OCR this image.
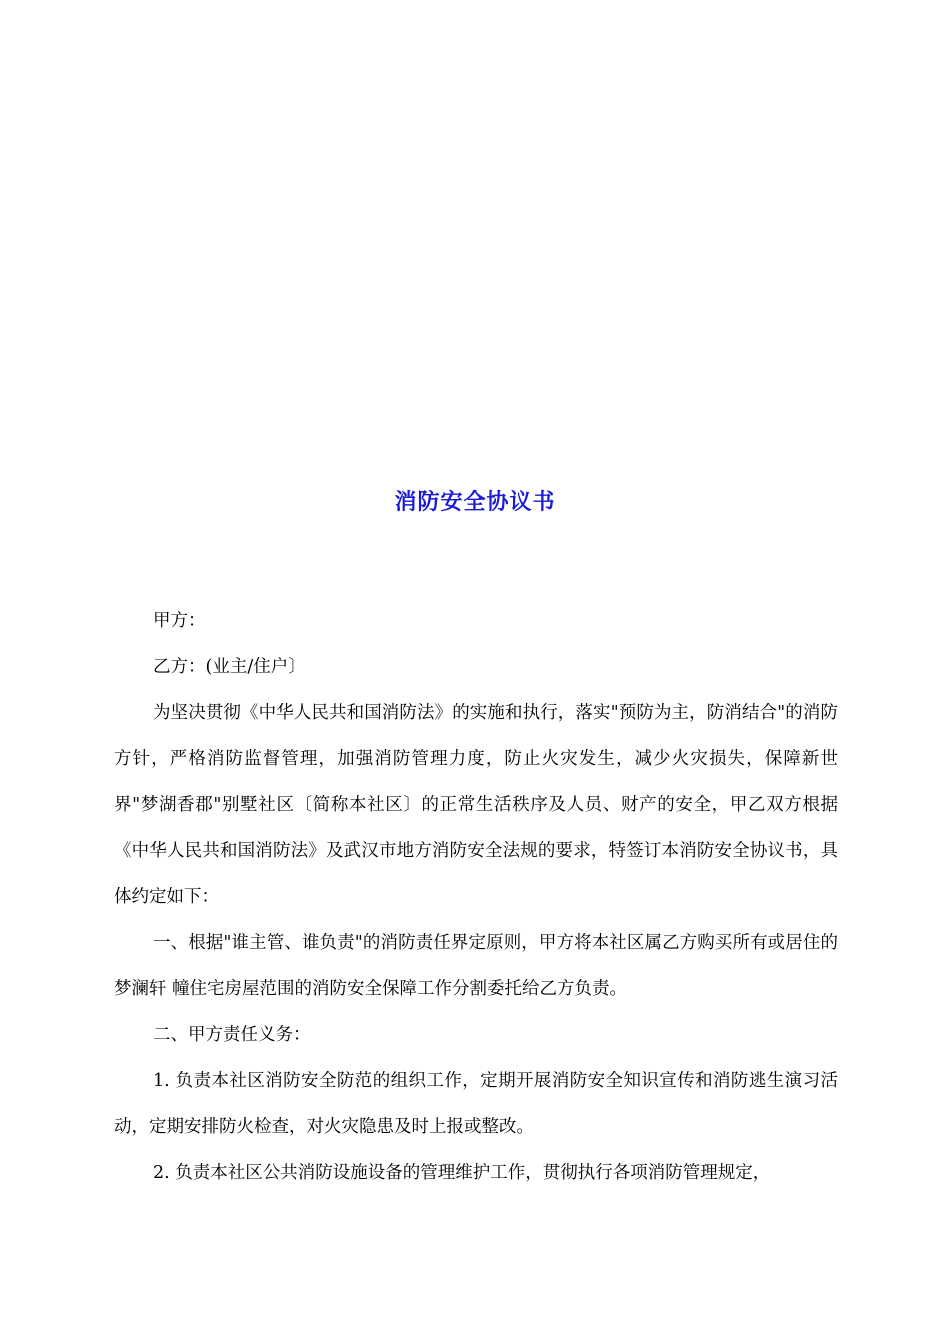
消防安全协议书

甲方：

乙方：(业主/住户〕

为坚决贯彻《中华人民共和国消防法》的实施和执行，落实"预防为主，防消结合"的消防方针，严格消防监督管理，加强消防管理力度，防止火灾发生，减少火灾损失，保障新世界"梦湖香郡"别墅社区〔简称本社区〕的正常生活秩序及人员、财产的安全，甲乙双方根据《中华人民共和国消防法》及武汉市地方消防安全法规的要求，特签订本消防安全协议书，具体约定如下：

一、根据"谁主管、谁负责"的消防责任界定原则，甲方将本社区属乙方购买所有或居住的梦澜轩 幢住宅房屋范围的消防安全保障工作分割委托给乙方负责。

二、甲方责任义务：

1. 负责本社区消防安全防范的组织工作，定期开展消防安全知识宣传和消防逃生演习活动，定期安排防火检查，对火灾隐患及时上报或整改。

2. 负责本社区公共消防设施设备的管理维护工作，贯彻执行各项消防管理规定，
